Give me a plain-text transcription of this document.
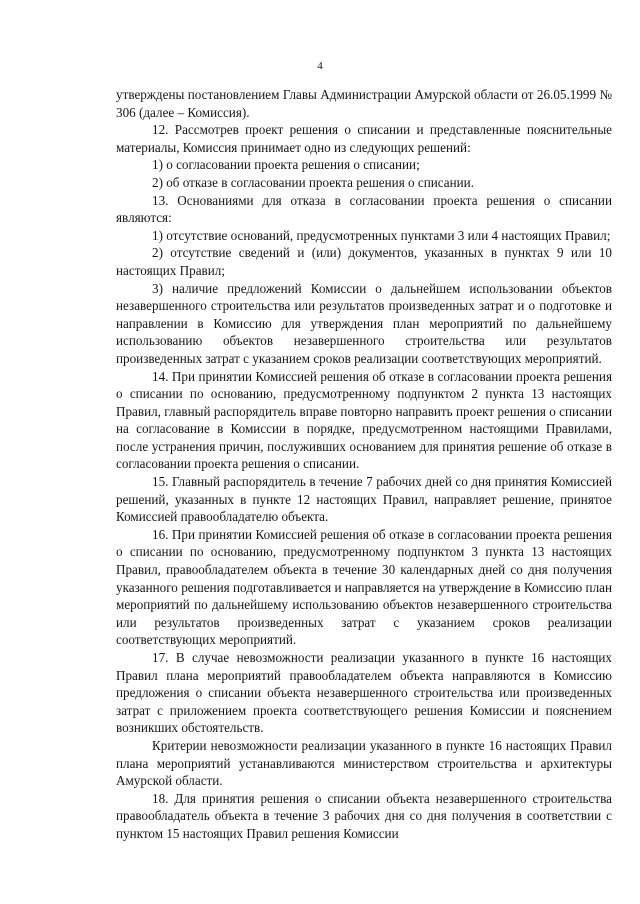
4

утверждены постановлением Главы Администрации Амурской области от 26.05.1999 № 306 (далее – Комиссия).

12. Рассмотрев проект решения о списании и представленные пояснительные материалы, Комиссия принимает одно из следующих решений:

1) о согласовании проекта решения о списании;

2) об отказе в согласовании проекта решения о списании.

13. Основаниями для отказа в согласовании проекта решения о списании являются:

1) отсутствие оснований, предусмотренных пунктами 3 или 4 настоящих Правил;

2) отсутствие сведений и (или) документов, указанных в пунктах 9 или 10 настоящих Правил;

3) наличие предложений Комиссии о дальнейшем использовании объектов незавершенного строительства или результатов произведенных затрат и о подготовке и направлении в Комиссию для утверждения план мероприятий по дальнейшему использованию объектов незавершенного строительства или результатов произведенных затрат с указанием сроков реализации соответствующих мероприятий.

14. При принятии Комиссией решения об отказе в согласовании проекта решения о списании по основанию, предусмотренному подпунктом 2 пункта 13 настоящих Правил, главный распорядитель вправе повторно направить проект решения о списании на согласование в Комиссии в порядке, предусмотренном настоящими Правилами, после устранения причин, послуживших основанием для принятия решение об отказе в согласовании проекта решения о списании.

15. Главный распорядитель в течение 7 рабочих дней со дня принятия Комиссией решений, указанных в пункте 12 настоящих Правил, направляет решение, принятое Комиссией правообладателю объекта.

16. При принятии Комиссией решения об отказе в согласовании проекта решения о списании по основанию, предусмотренному подпунктом 3 пункта 13 настоящих Правил, правообладателем объекта в течение 30 календарных дней со дня получения указанного решения подготавливается и направляется на утверждение в Комиссию план мероприятий по дальнейшему использованию объектов незавершенного строительства или результатов произведенных затрат с указанием сроков реализации соответствующих мероприятий.

17. В случае невозможности реализации указанного в пункте 16 настоящих Правил плана мероприятий правообладателем объекта направляются в Комиссию предложения о списании объекта незавершенного строительства или произведенных затрат с приложением проекта соответствующего решения Комиссии и пояснением возникших обстоятельств.

Критерии невозможности реализации указанного в пункте 16 настоящих Правил плана мероприятий устанавливаются министерством строительства и архитектуры Амурской области.

18. Для принятия решения о списании объекта незавершенного строительства правообладатель объекта в течение 3 рабочих дня со дня получения в соответствии с пунктом 15 настоящих Правил решения Комиссии
